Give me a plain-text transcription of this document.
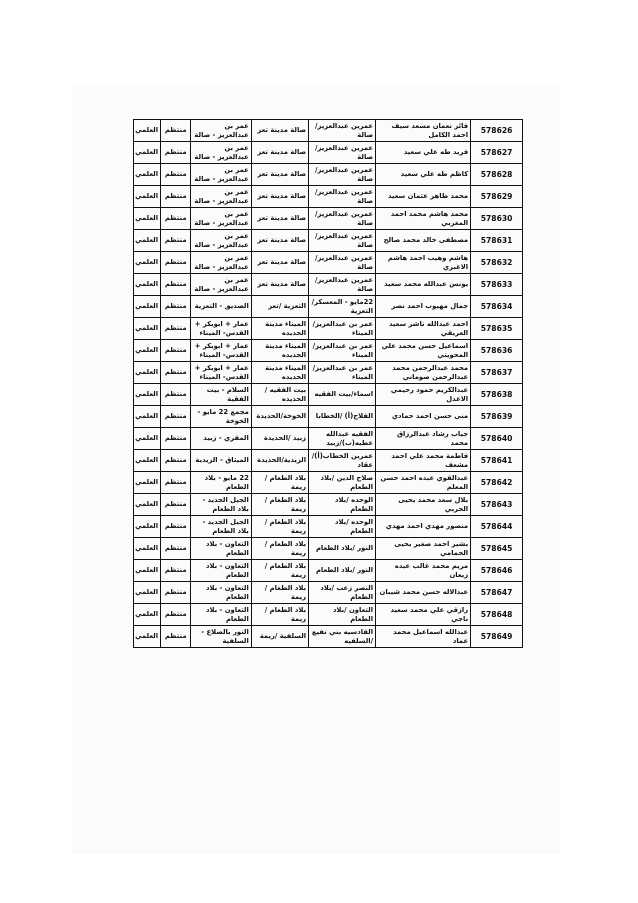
578626	فائز نعمان مسعد سيف احمد الكامل	عمرين عبدالعزيز/صالة	صالة مدينة تعز	عمر بن عبدالعزيز - صالة	منتظم	العلمي
578627	فريد طه علي سعيد	عمرين عبدالعزيز/صالة	صالة مدينة تعز	عمر بن عبدالعزيز - صالة	منتظم	العلمي
578628	كاظم طه علي سعيد	عمرين عبدالعزيز/صالة	صالة مدينة تعز	عمر بن عبدالعزيز - صالة	منتظم	العلمي
578629	محمد طاهر عثمان سعيد	عمرين عبدالعزيز/صالة	صالة مدينة تعز	عمر بن عبدالعزيز - صالة	منتظم	العلمي
578630	محمد هاشم محمد احمد المغربي	عمرين عبدالعزيز/صالة	صالة مدينة تعز	عمر بن عبدالعزيز - صالة	منتظم	العلمي
578631	مصطفى خالد محمد صالح	عمرين عبدالعزيز/صالة	صالة مدينة تعز	عمر بن عبدالعزيز - صالة	منتظم	العلمي
578632	هاشم وهيب احمد هاشم الاغبري	عمرين عبدالعزيز/صالة	صالة مدينة تعز	عمر بن عبدالعزيز - صالة	منتظم	العلمي
578633	يونس عبدالله محمد سعيد	عمرين عبدالعزيز/صالة	صالة مدينة تعز	عمر بن عبدالعزيز - صالة	منتظم	العلمي
578634	جمال مهيوب احمد نصر	22مايو - المعسكر/التعزية	التعزية /تعز	الصديق - التعزية	منتظم	العلمي
578635	احمد عبدالله ناشر سعيد العريقي	عمر بن عبدالعزيز/الميناء	الميناء مدينة الحديده	عمار + ابوبكر + القدس- الميناء	منتظم	العلمي
578636	اسماعيل حسن محمد علي المحويتي	عمر بن عبدالعزيز/الميناء	الميناء مدينة الحديده	عمار + ابوبكر + القدس- الميناء	منتظم	العلمي
578637	محمد عبدالرحمن محمد عبدالرحمن صوماني	عمر بن عبدالعزيز/الميناء	الميناء مدينة الحديده	عمار + ابوبكر + القدس- الميناء	منتظم	العلمي
578638	عبدالكريم حمود رحيمي الاعدل	اسماء/بيت الفقيه	بيت الفقيه /الحديده	السلام - بيت الفقية	منتظم	العلمي
578639	منى حسن احمد حمادي	الفلاح(أ) /الخطابا	الخوخة/الحديدة	مجمع 22 مايو - الخوخة	منتظم	العلمي
578640	جياب رشاد عبدالرزاق محمد	الفقيه عبدالله عطيه(ب)/زبيد	زبيد /الحديدة	المقري - زبيد	منتظم	العلمي
578641	فاطمة محمد علي احمد مشعف	عمربن الخطاب(أ)/ عقاد	الزيدية/الحديدة	الميثاق - الزيدية	منتظم	العلمي
578642	عبدالقوي عبده احمد حسن المعلم	صلاح الدين /بلاد الطعام	بلاد الطعام /ريمة	22 مايو - بلاد الطعام	منتظم	العلمي
578643	بلال سعد محمد يحيى الحربي	الوحده /بلاد الطعام	بلاد الطعام /ريمة	الجيل الجديد - بلاد الطعام	منتظم	العلمي
578644	منصور مهدي احمد مهدي	الوحده /بلاد الطعام	بلاد الطعام /ريمة	الجيل الجديد - بلاد الطعام	منتظم	العلمي
578645	بشير احمد صغير يحيى الحمامي	النور /بلاد الطعام	بلاد الطعام /ريمة	التعاون - بلاد الطعام	منتظم	العلمي
578646	مريم محمد غالب عبده زيعان	النور /بلاد الطعام	بلاد الطعام /ريمة	التعاون - بلاد الطعام	منتظم	العلمي
578647	عبدالاله حسن محمد شيبان	النصر زعب /بلاد الطعام	بلاد الطعام /ريمة	التعاون - بلاد الطعام	منتظم	العلمي
578648	رازقي علي محمد سعيد ناجي	التعاون /بلاد الطعام	بلاد الطعام /ريمة	التعاون - بلاد الطعام	منتظم	العلمي
578649	عبدالله اسماعيل محمد عماد	القادسيه بني نفيع /السلفيه	السلفية /ريمة	النور بالضلاع - السلفية	منتظم	العلمي
